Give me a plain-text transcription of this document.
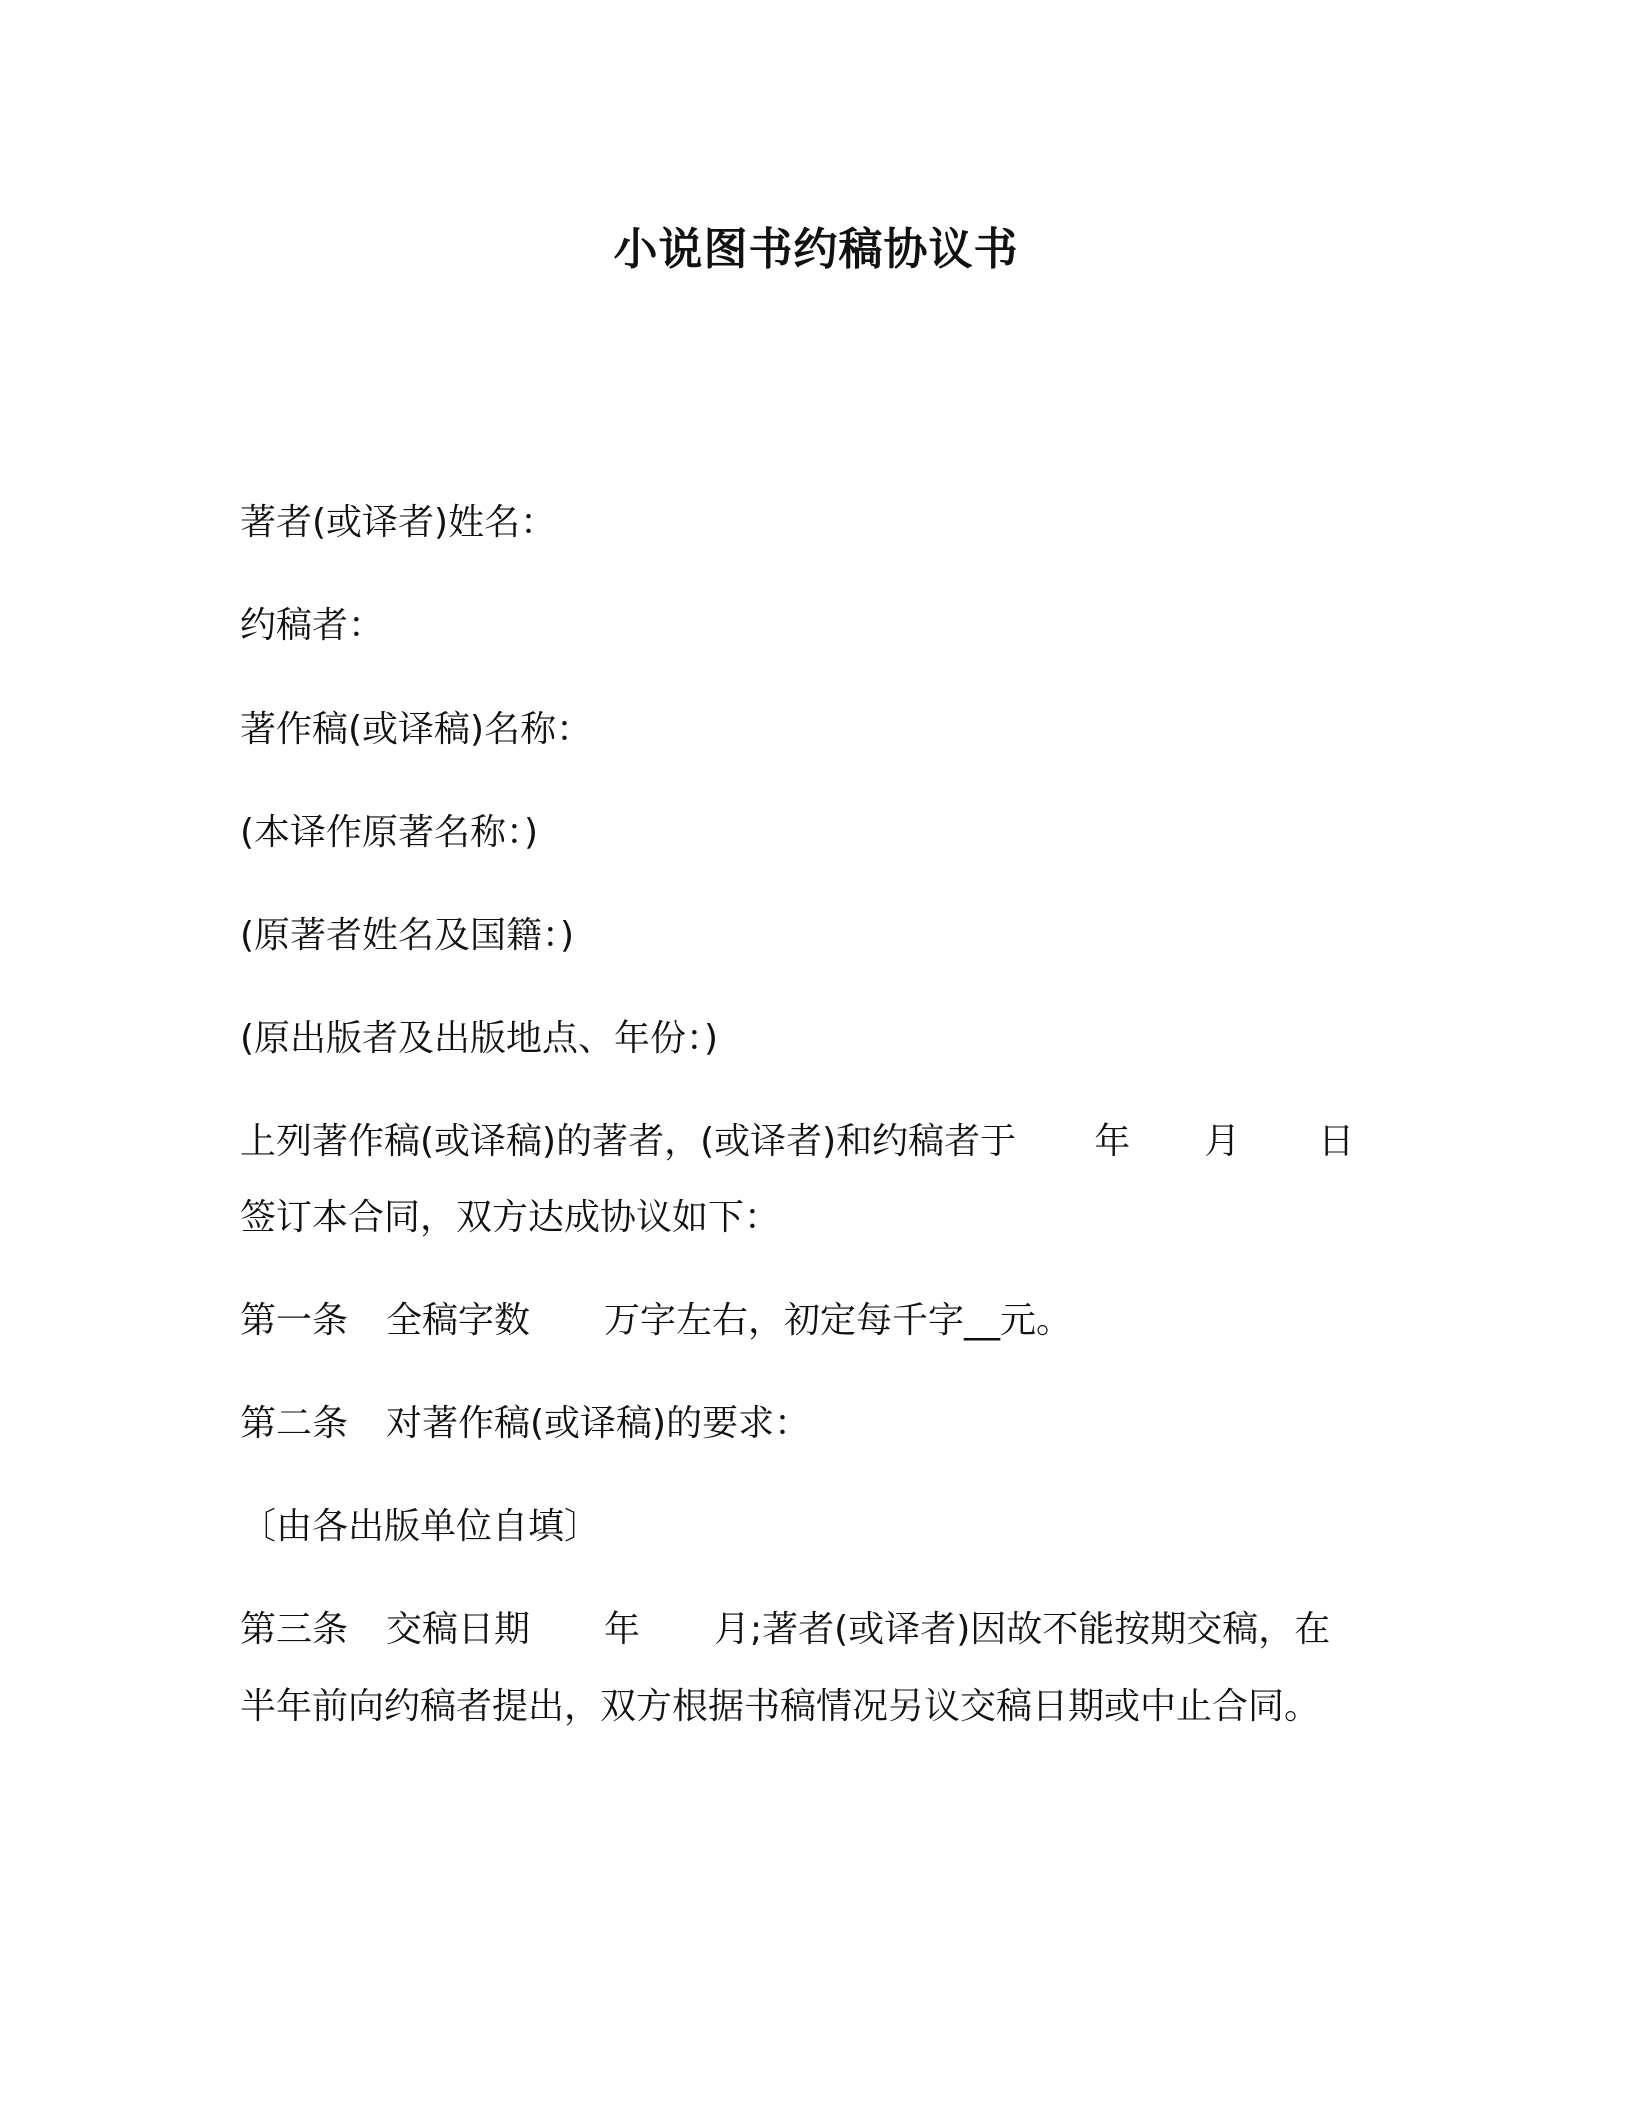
小说图书约稿协议书

著者(或译者)姓名：

约稿者：

著作稿(或译稿)名称：

(本译作原著名称：)

(原著者姓名及国籍：)

(原出版者及出版地点、年份：)

上列著作稿(或译稿)的著者，(或译者)和约稿者于 年 月 日

签订本合同，双方达成协议如下：

第一条 全稿字数 万字左右，初定每千字__元。

第二条 对著作稿(或译稿)的要求：

〔由各出版单位自填〕

第三条 交稿日期 年 月;著者(或译者)因故不能按期交稿，在

半年前向约稿者提出，双方根据书稿情况另议交稿日期或中止合同。
